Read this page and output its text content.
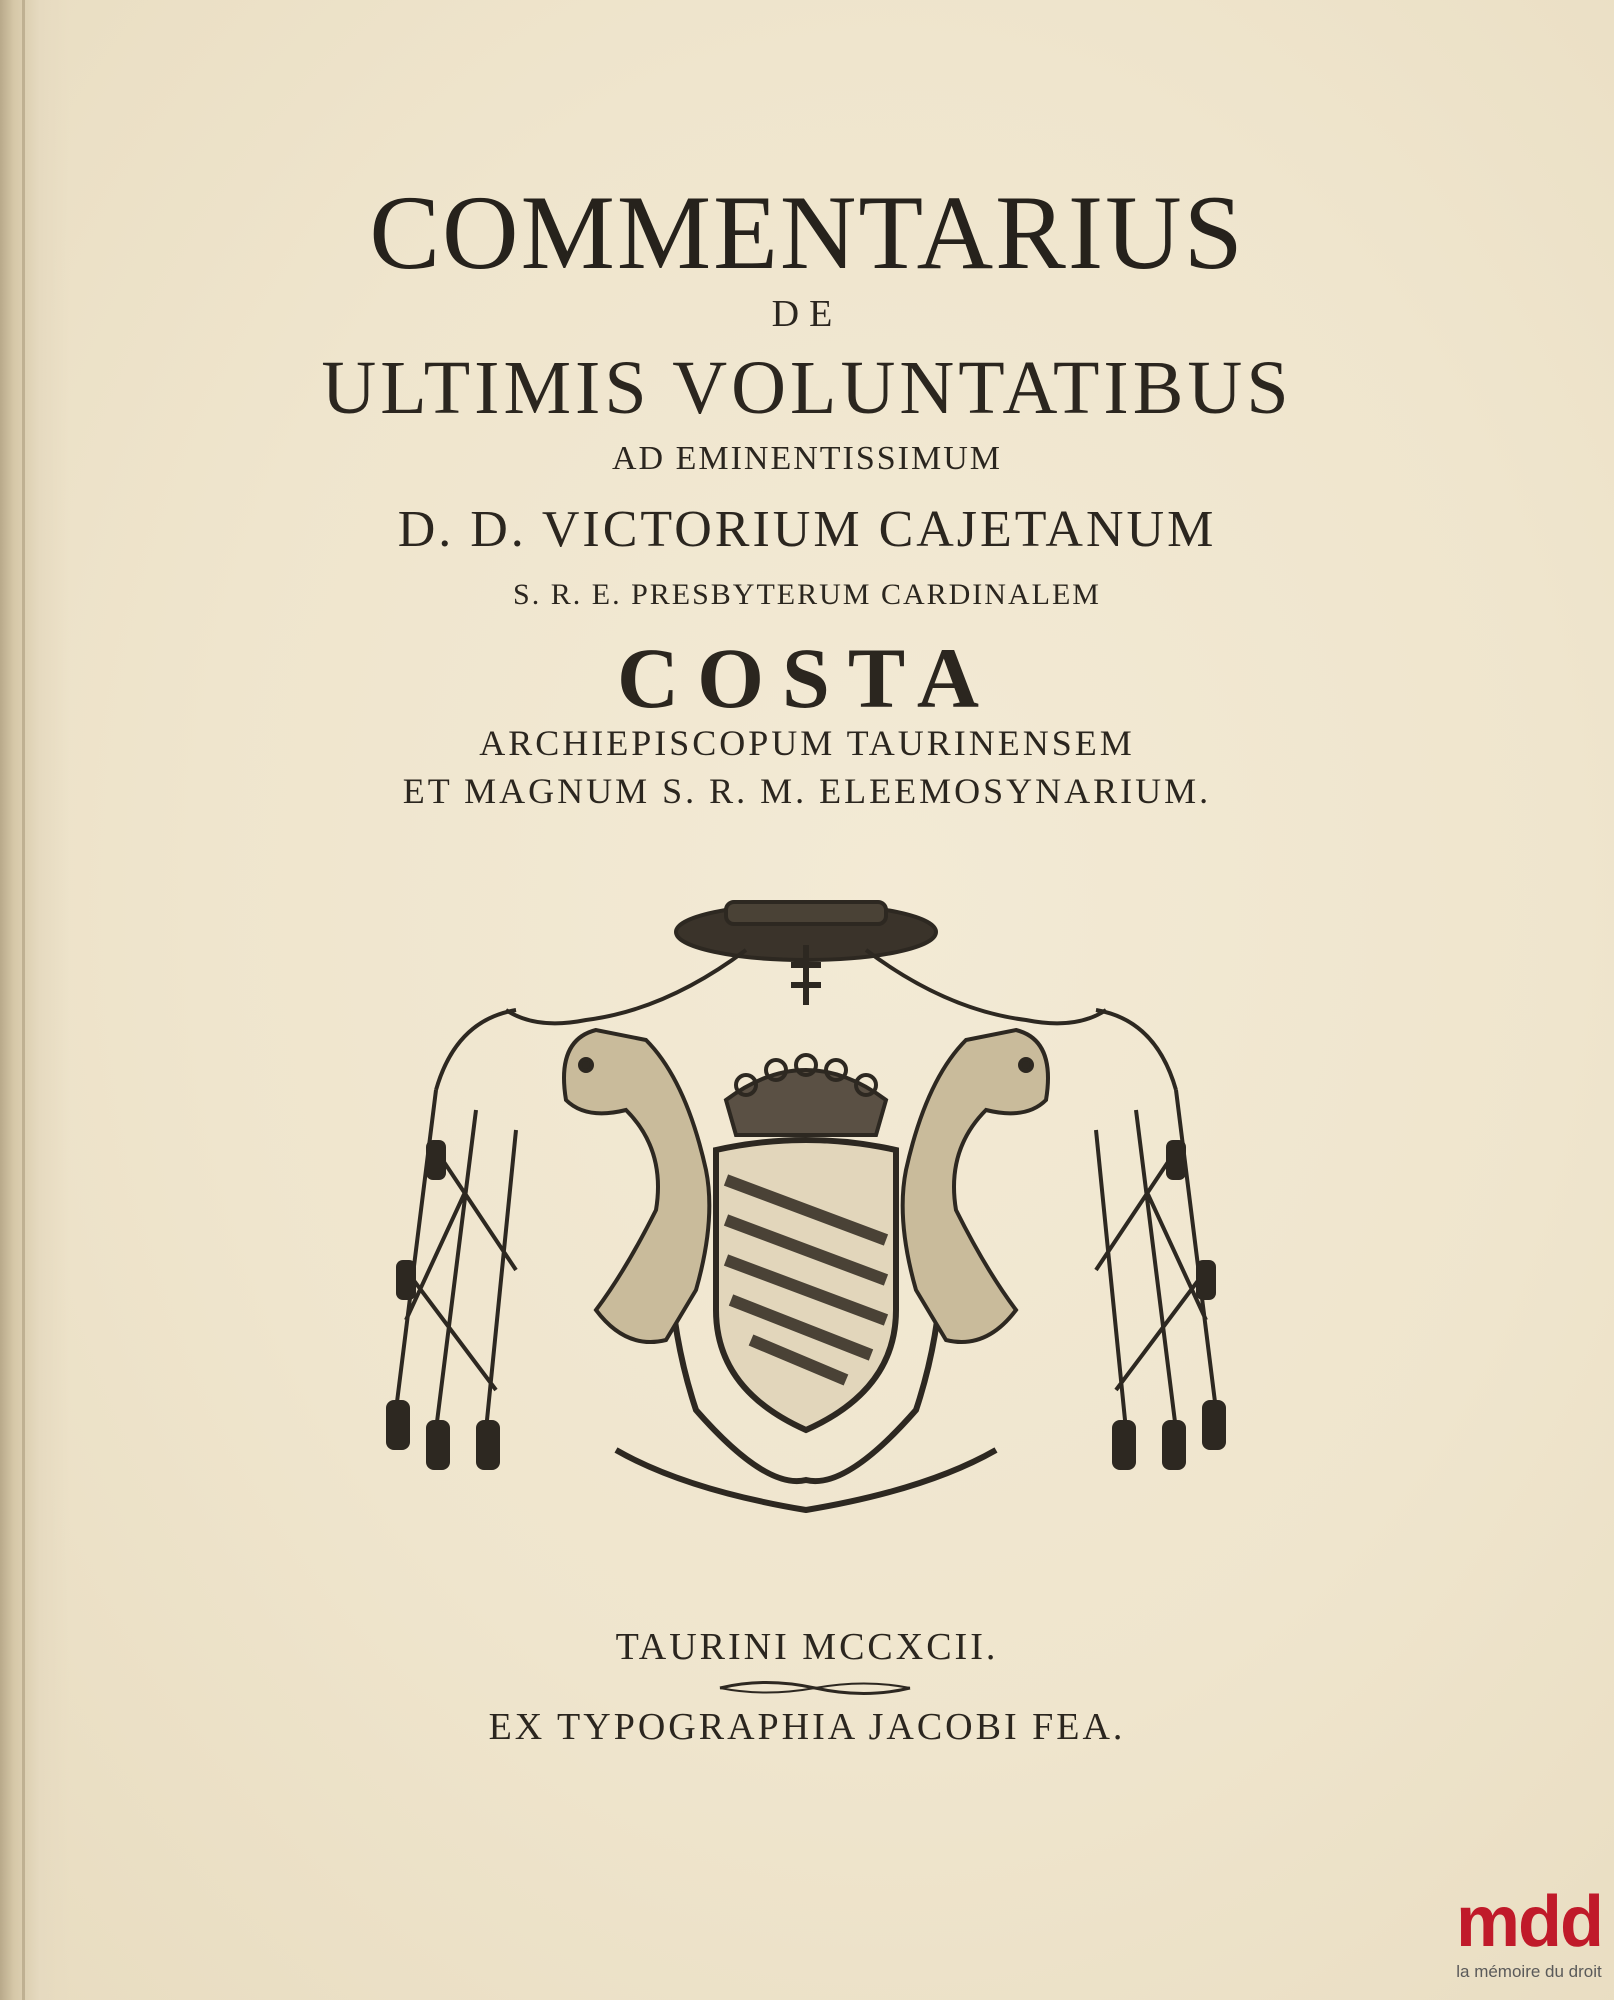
COMMENTARIUS
DE
ULTIMIS VOLUNTATIBUS
AD EMINENTISSIMUM
D. D. VICTORIUM CAJETANUM
S. R. E. PRESBYTERUM CARDINALEM
COSTA
ARCHIEPISCOPUM TAURINENSEM
ET MAGNUM S. R. M. ELEEMOSYNARIUM.
TAURINI MCCXCII.
EX TYPOGRAPHIA JACOBI FEA.
mdd
la mémoire du droit
